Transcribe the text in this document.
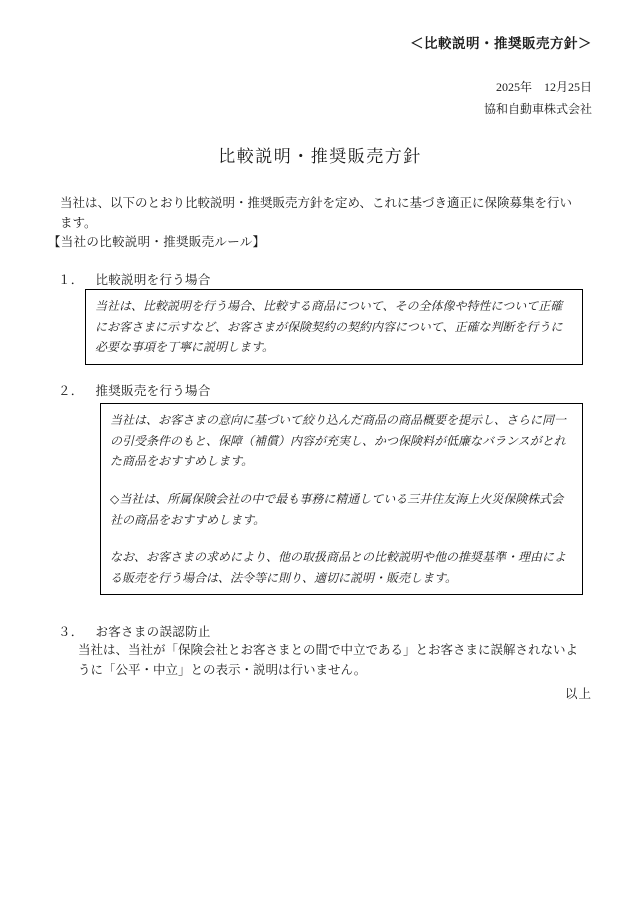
＜比較説明・推奨販売方針＞
2025年　12月25日
協和自動車株式会社
比較説明・推奨販売方針
当社は、以下のとおり比較説明・推奨販売方針を定め、これに基づき適正に保険募集を行います。
【当社の比較説明・推奨販売ルール】
１． 比較説明を行う場合

当社は、比較説明を行う場合、比較する商品について、その全体像や特性について正確にお客さまに示すなど、お客さまが保険契約の契約内容について、正確な判断を行うに必要な事項を丁寧に説明します。

２． 推奨販売を行う場合

当社は、お客さまの意向に基づいて絞り込んだ商品の商品概要を提示し、さらに同一の引受条件のもと、保障（補償）内容が充実し、かつ保険料が低廉なバランスがとれた商品をおすすめします。

◇当社は、所属保険会社の中で最も事務に精通している三井住友海上火災保険株式会社の商品をおすすめします。

なお、お客さまの求めにより、他の取扱商品との比較説明や他の推奨基準・理由による販売を行う場合は、法令等に則り、適切に説明・販売します。

３． お客さまの誤認防止
当社は、当社が「保険会社とお客さまとの間で中立である」とお客さまに誤解されないように「公平・中立」との表示・説明は行いません。
以上
